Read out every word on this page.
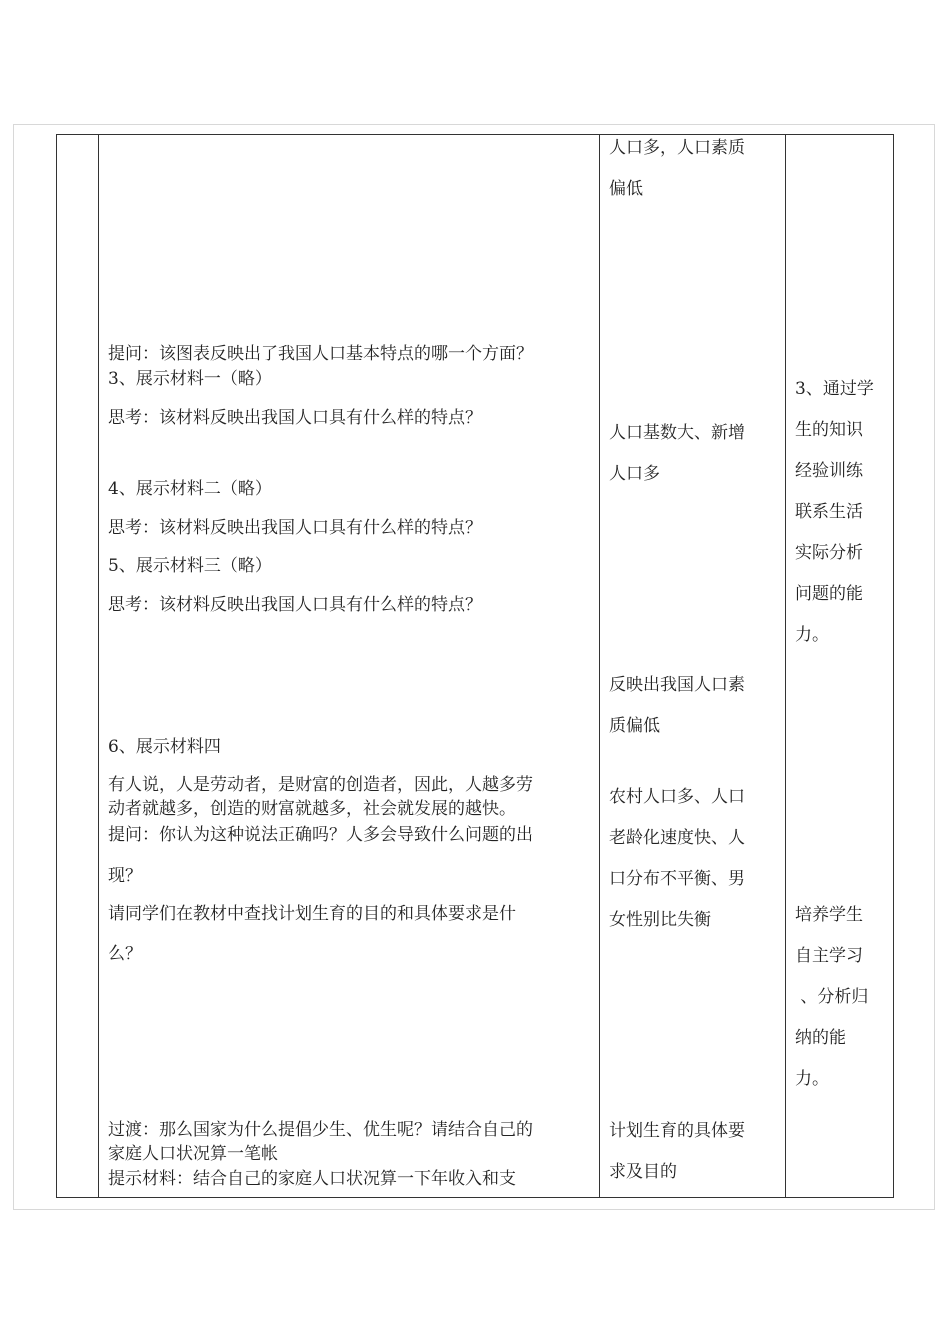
提问：该图表反映出了我国人口基本特点的哪一个方面？
3、展示材料一（略）
思考：该材料反映出我国人口具有什么样的特点？
4、展示材料二（略）
思考：该材料反映出我国人口具有什么样的特点？
5、展示材料三（略）
思考：该材料反映出我国人口具有什么样的特点？
6、展示材料四
有人说，人是劳动者，是财富的创造者，因此，人越多劳
动者就越多，创造的财富就越多，社会就发展的越快。
提问：你认为这种说法正确吗？人多会导致什么问题的出
现？
请同学们在教材中查找计划生育的目的和具体要求是什
么？
过渡：那么国家为什么提倡少生、优生呢？请结合自己的
家庭人口状况算一笔帐
提示材料：结合自己的家庭人口状况算一下年收入和支
人口多，人口素质
偏低
人口基数大、新增
人口多
反映出我国人口素
质偏低
农村人口多、人口
老龄化速度快、人
口分布不平衡、男
女性别比失衡
计划生育的具体要
求及目的
3、通过学
生的知识
经验训练
联系生活
实际分析
问题的能
力。
培养学生
自主学习
、分析归
纳的能
力。
